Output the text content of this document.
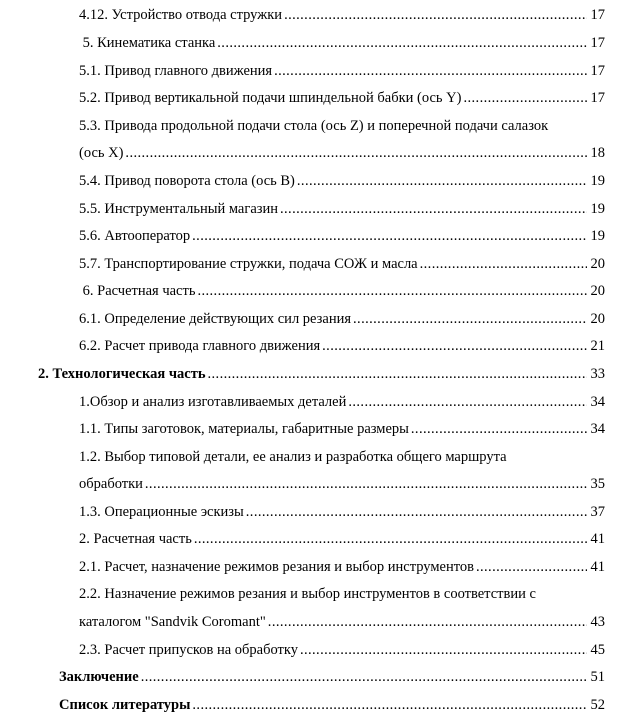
4.12. Устройство отвода стружки .....	17
5. Кинематика станка .....	17
5.1. Привод главного движения .....	17
5.2. Привод вертикальной подачи шпиндельной бабки (ось Y) .....	17
5.3. Привода продольной подачи стола (ось Z) и поперечной подачи салазок
(ось X) .....	18
5.4. Привод поворота стола (ось B) .....	19
5.5. Инструментальный магазин .....	19
5.6. Автооператор .....	19
5.7. Транспортирование стружки, подача СОЖ и масла .....	20
6. Расчетная часть .....	20
6.1. Определение действующих сил резания .....	20
6.2. Расчет привода главного движения .....	21
2. Технологическая часть .....	33
1.Обзор и анализ изготавливаемых деталей .....	34
1.1. Типы заготовок, материалы, габаритные размеры .....	34
1.2. Выбор типовой детали, ее анализ и разработка общего маршрута
обработки .....	35
1.3. Операционные эскизы .....	37
2. Расчетная часть .....	41
2.1. Расчет, назначение режимов резания и выбор инструментов .....	41
2.2. Назначение режимов резания и выбор инструментов в соответствии с
каталогом "Sandvik Coromant" .....	43
2.3. Расчет припусков на обработку .....	45
Заключение .....	51
Список литературы .....	52
